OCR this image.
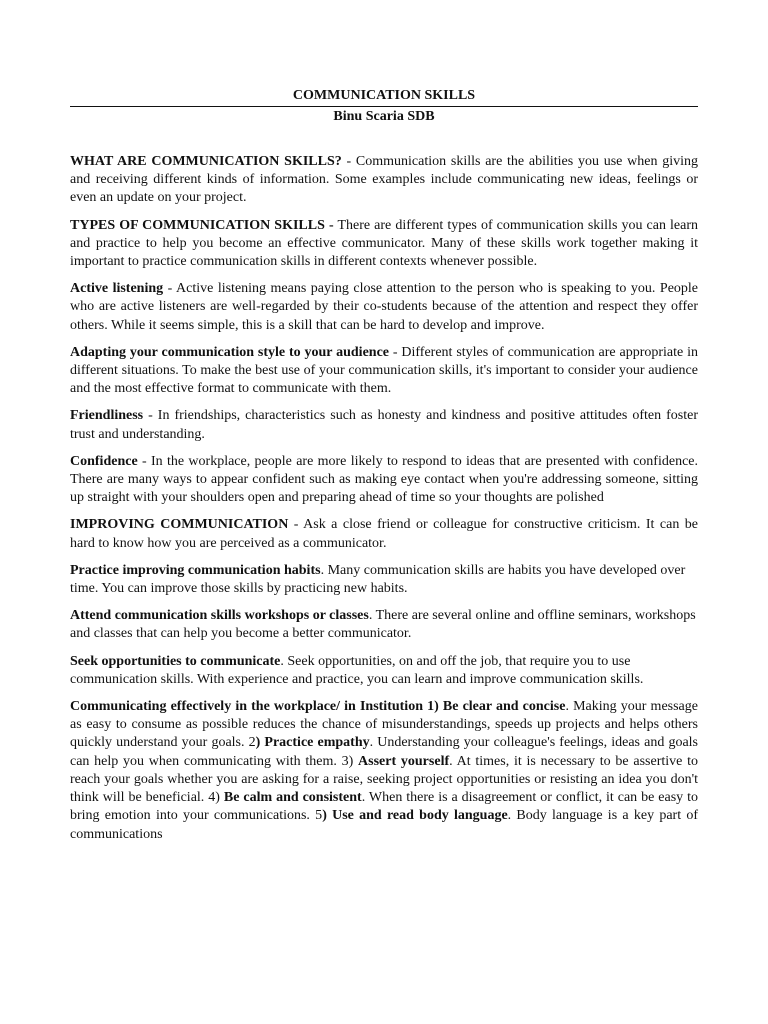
COMMUNICATION SKILLS
Binu Scaria SDB

WHAT ARE COMMUNICATION SKILLS? - Communication skills are the abilities you use when giving and receiving different kinds of information. Some examples include communicating new ideas, feelings or even an update on your project.

TYPES OF COMMUNICATION SKILLS - There are different types of communication skills you can learn and practice to help you become an effective communicator. Many of these skills work together making it important to practice communication skills in different contexts whenever possible.

Active listening - Active listening means paying close attention to the person who is speaking to you. People who are active listeners are well-regarded by their co-students because of the attention and respect they offer others. While it seems simple, this is a skill that can be hard to develop and improve.

Adapting your communication style to your audience - Different styles of communication are appropriate in different situations. To make the best use of your communication skills, it's important to consider your audience and the most effective format to communicate with them.

Friendliness - In friendships, characteristics such as honesty and kindness and positive attitudes often foster trust and understanding.

Confidence - In the workplace, people are more likely to respond to ideas that are presented with confidence. There are many ways to appear confident such as making eye contact when you're addressing someone, sitting up straight with your shoulders open and preparing ahead of time so your thoughts are polished

IMPROVING COMMUNICATION - Ask a close friend or colleague for constructive criticism. It can be hard to know how you are perceived as a communicator.

Practice improving communication habits. Many communication skills are habits you have developed over time. You can improve those skills by practicing new habits.

Attend communication skills workshops or classes. There are several online and offline seminars, workshops and classes that can help you become a better communicator.

Seek opportunities to communicate. Seek opportunities, on and off the job, that require you to use communication skills. With experience and practice, you can learn and improve communication skills.

Communicating effectively in the workplace/ in Institution 1) Be clear and concise. Making your message as easy to consume as possible reduces the chance of misunderstandings, speeds up projects and helps others quickly understand your goals. 2) Practice empathy. Understanding your colleague's feelings, ideas and goals can help you when communicating with them. 3) Assert yourself. At times, it is necessary to be assertive to reach your goals whether you are asking for a raise, seeking project opportunities or resisting an idea you don't think will be beneficial. 4) Be calm and consistent. When there is a disagreement or conflict, it can be easy to bring emotion into your communications. 5) Use and read body language. Body language is a key part of communications
